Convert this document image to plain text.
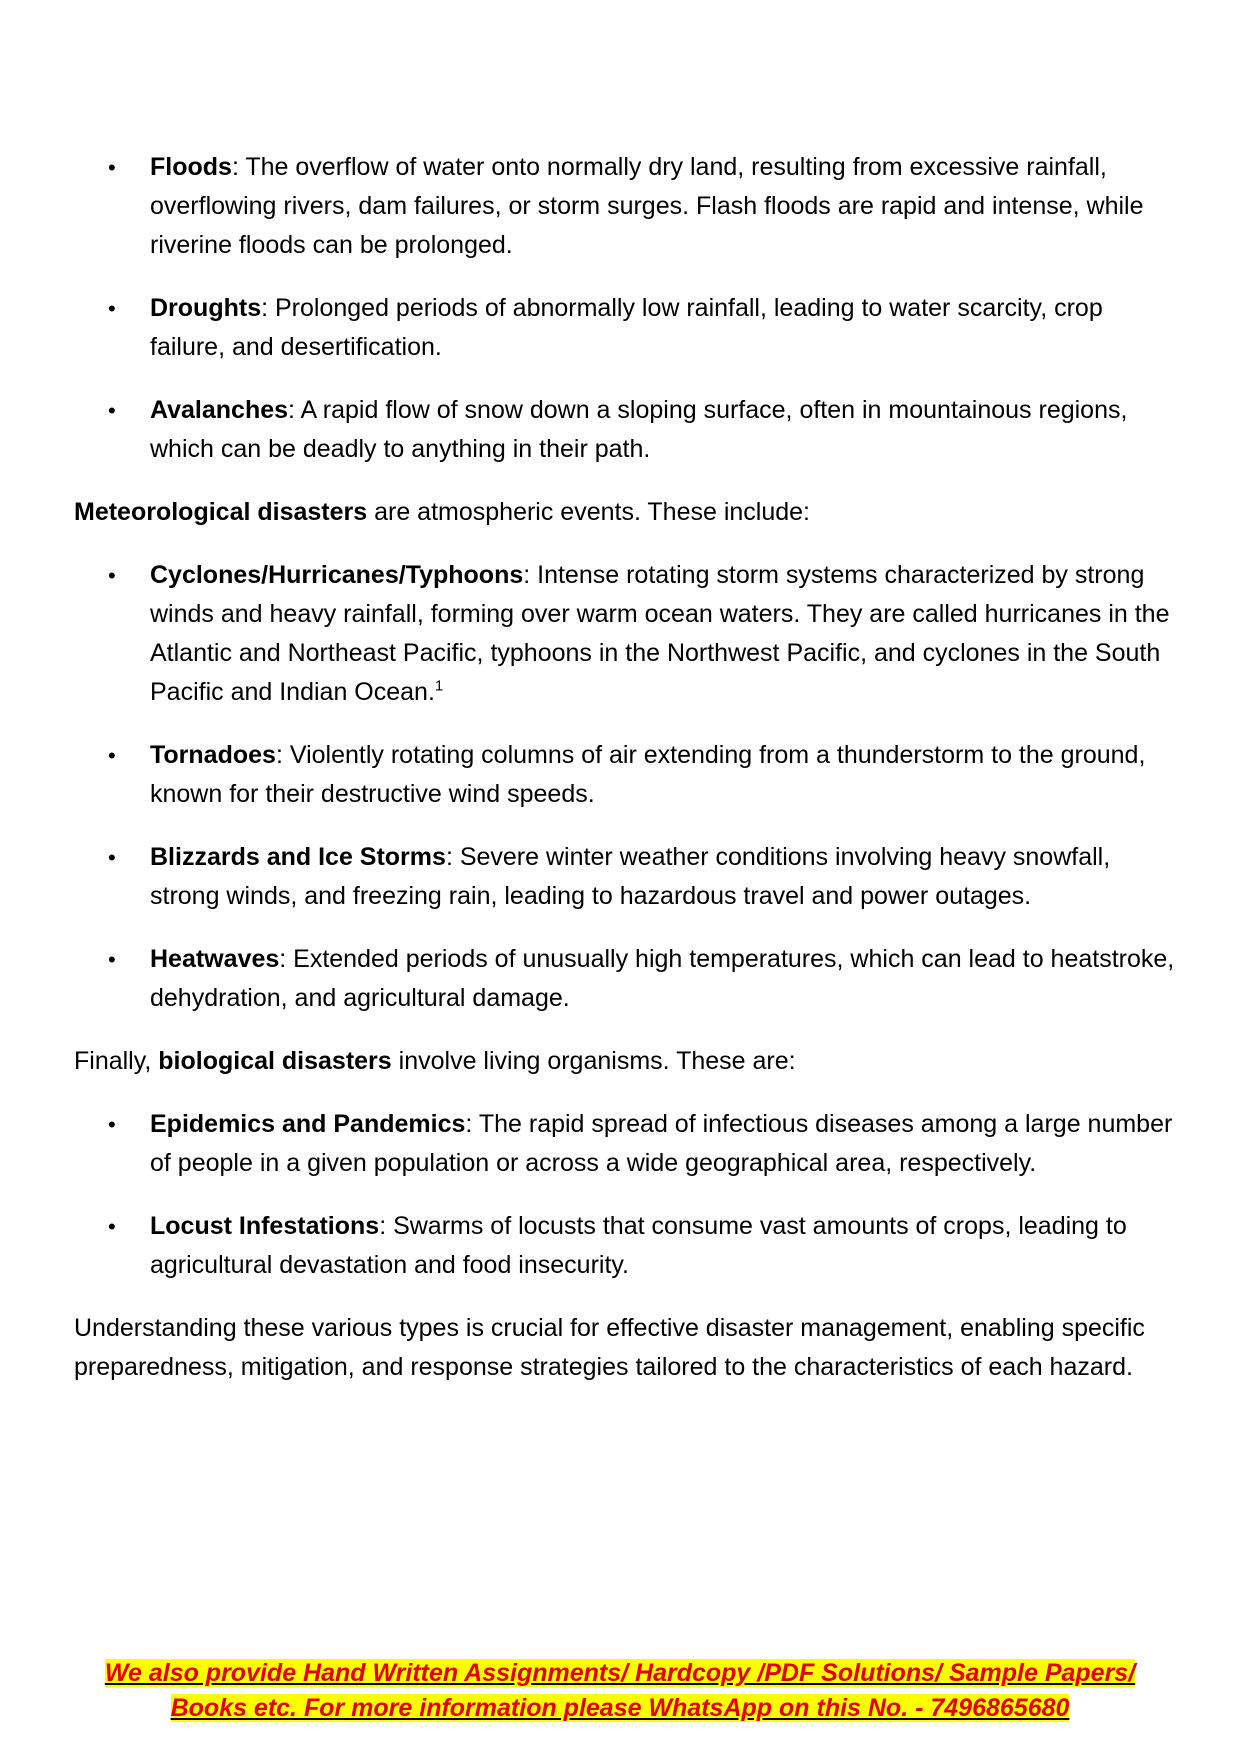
• Floods: The overflow of water onto normally dry land, resulting from excessive rainfall, overflowing rivers, dam failures, or storm surges. Flash floods are rapid and intense, while riverine floods can be prolonged.
• Droughts: Prolonged periods of abnormally low rainfall, leading to water scarcity, crop failure, and desertification.
• Avalanches: A rapid flow of snow down a sloping surface, often in mountainous regions, which can be deadly to anything in their path.

Meteorological disasters are atmospheric events. These include:

• Cyclones/Hurricanes/Typhoons: Intense rotating storm systems characterized by strong winds and heavy rainfall, forming over warm ocean waters. They are called hurricanes in the Atlantic and Northeast Pacific, typhoons in the Northwest Pacific, and cyclones in the South Pacific and Indian Ocean.$^1$
• Tornadoes: Violently rotating columns of air extending from a thunderstorm to the ground, known for their destructive wind speeds.
• Blizzards and Ice Storms: Severe winter weather conditions involving heavy snowfall, strong winds, and freezing rain, leading to hazardous travel and power outages.
• Heatwaves: Extended periods of unusually high temperatures, which can lead to heatstroke, dehydration, and agricultural damage.

Finally, biological disasters involve living organisms. These are:

• Epidemics and Pandemics: The rapid spread of infectious diseases among a large number of people in a given population or across a wide geographical area, respectively.
• Locust Infestations: Swarms of locusts that consume vast amounts of crops, leading to agricultural devastation and food insecurity.

Understanding these various types is crucial for effective disaster management, enabling specific preparedness, mitigation, and response strategies tailored to the characteristics of each hazard.

We also provide Hand Written Assignments/ Hardcopy /PDF Solutions/ Sample Papers/
Books etc. For more information please WhatsApp on this No. - 7496865680
